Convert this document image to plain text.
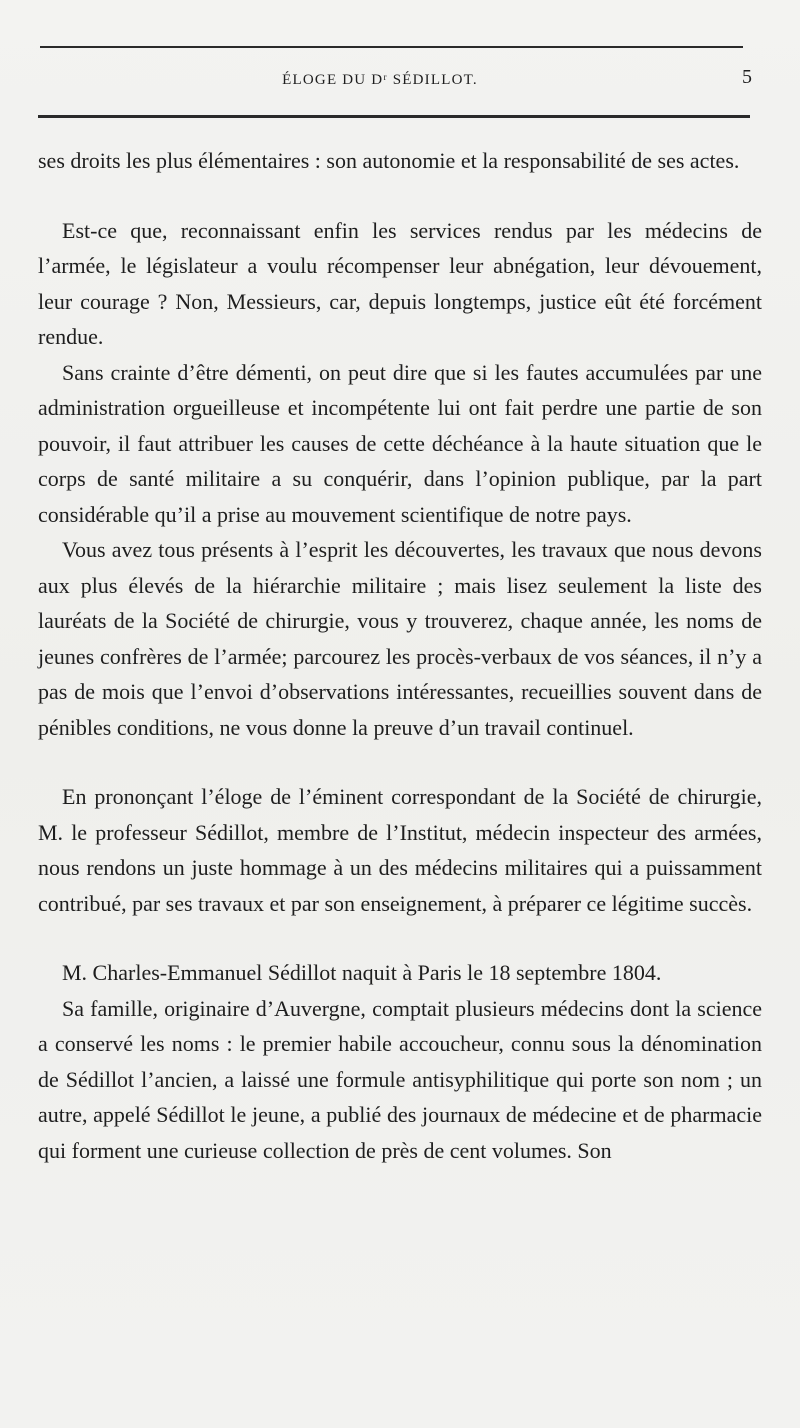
ÉLOGE DU Dʳ SÉDILLOT.	5

ses droits les plus élémentaires : son autonomie et la responsabilité de ses actes.

Est-ce que, reconnaissant enfin les services rendus par les médecins de l’armée, le législateur a voulu récompenser leur abnégation, leur dévouement, leur courage ? Non, Messieurs, car, depuis longtemps, justice eût été forcément rendue.

Sans crainte d’être démenti, on peut dire que si les fautes accumulées par une administration orgueilleuse et incompétente lui ont fait perdre une partie de son pouvoir, il faut attribuer les causes de cette déchéance à la haute situation que le corps de santé militaire a su conquérir, dans l’opinion publique, par la part considérable qu’il a prise au mouvement scientifique de notre pays.

Vous avez tous présents à l’esprit les découvertes, les travaux que nous devons aux plus élevés de la hiérarchie militaire ; mais lisez seulement la liste des lauréats de la Société de chirurgie, vous y trouverez, chaque année, les noms de jeunes confrères de l’armée; parcourez les procès-verbaux de vos séances, il n’y a pas de mois que l’envoi d’observations intéressantes, recueillies souvent dans de pénibles conditions, ne vous donne la preuve d’un travail continuel.

En prononçant l’éloge de l’éminent correspondant de la Société de chirurgie, M. le professeur Sédillot, membre de l’Institut, médecin inspecteur des armées, nous rendons un juste hommage à un des médecins militaires qui a puissamment contribué, par ses travaux et par son enseignement, à préparer ce légitime succès.

M. Charles-Emmanuel Sédillot naquit à Paris le 18 septembre 1804.

Sa famille, originaire d’Auvergne, comptait plusieurs médecins dont la science a conservé les noms : le premier habile accoucheur, connu sous la dénomination de Sédillot l’ancien, a laissé une formule antisyphilitique qui porte son nom ; un autre, appelé Sédillot le jeune, a publié des journaux de médecine et de pharmacie qui forment une curieuse collection de près de cent volumes. Son
